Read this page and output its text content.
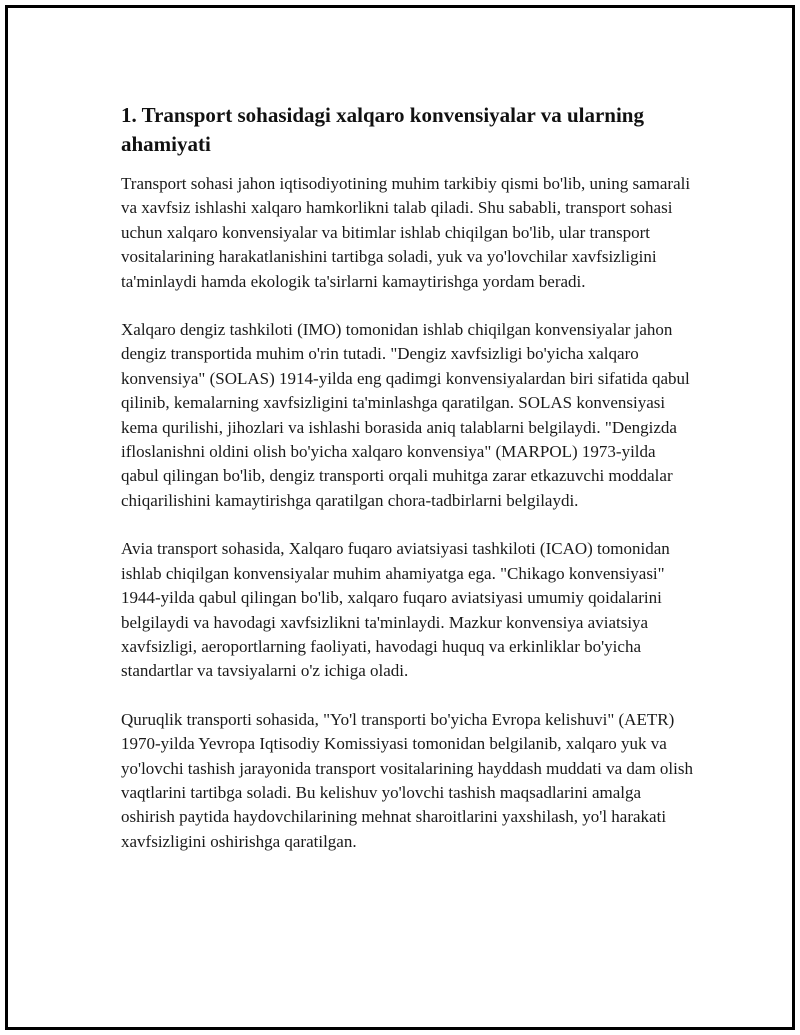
1. Transport sohasidagi xalqaro konvensiyalar va ularning ahamiyati

Transport sohasi jahon iqtisodiyotining muhim tarkibiy qismi bo'lib, uning samarali va xavfsiz ishlashi xalqaro hamkorlikni talab qiladi. Shu sababli, transport sohasi uchun xalqaro konvensiyalar va bitimlar ishlab chiqilgan bo'lib, ular transport vositalarining harakatlanishini tartibga soladi, yuk va yo'lovchilar xavfsizligini ta'minlaydi hamda ekologik ta'sirlarni kamaytirishga yordam beradi.

Xalqaro dengiz tashkiloti (IMO) tomonidan ishlab chiqilgan konvensiyalar jahon dengiz transportida muhim o'rin tutadi. "Dengiz xavfsizligi bo'yicha xalqaro konvensiya" (SOLAS) 1914-yilda eng qadimgi konvensiyalardan biri sifatida qabul qilinib, kemalarning xavfsizligini ta'minlashga qaratilgan. SOLAS konvensiyasi kema qurilishi, jihozlari va ishlashi borasida aniq talablarni belgilaydi. "Dengizda ifloslanishni oldini olish bo'yicha xalqaro konvensiya" (MARPOL) 1973-yilda qabul qilingan bo'lib, dengiz transporti orqali muhitga zarar etkazuvchi moddalar chiqarilishini kamaytirishga qaratilgan chora-tadbirlarni belgilaydi.

Avia transport sohasida, Xalqaro fuqaro aviatsiyasi tashkiloti (ICAO) tomonidan ishlab chiqilgan konvensiyalar muhim ahamiyatga ega. "Chikago konvensiyasi" 1944-yilda qabul qilingan bo'lib, xalqaro fuqaro aviatsiyasi umumiy qoidalarini belgilaydi va havodagi xavfsizlikni ta'minlaydi. Mazkur konvensiya aviatsiya xavfsizligi, aeroportlarning faoliyati, havodagi huquq va erkinliklar bo'yicha standartlar va tavsiyalarni o'z ichiga oladi.

Quruqlik transporti sohasida, "Yo'l transporti bo'yicha Evropa kelishuvi" (AETR) 1970-yilda Yevropa Iqtisodiy Komissiyasi tomonidan belgilanib, xalqaro yuk va yo'lovchi tashish jarayonida transport vositalarining hayddash muddati va dam olish vaqtlarini tartibga soladi. Bu kelishuv yo'lovchi tashish maqsadlarini amalga oshirish paytida haydovchilarining mehnat sharoitlarini yaxshilash, yo'l harakati xavfsizligini oshirishga qaratilgan.
